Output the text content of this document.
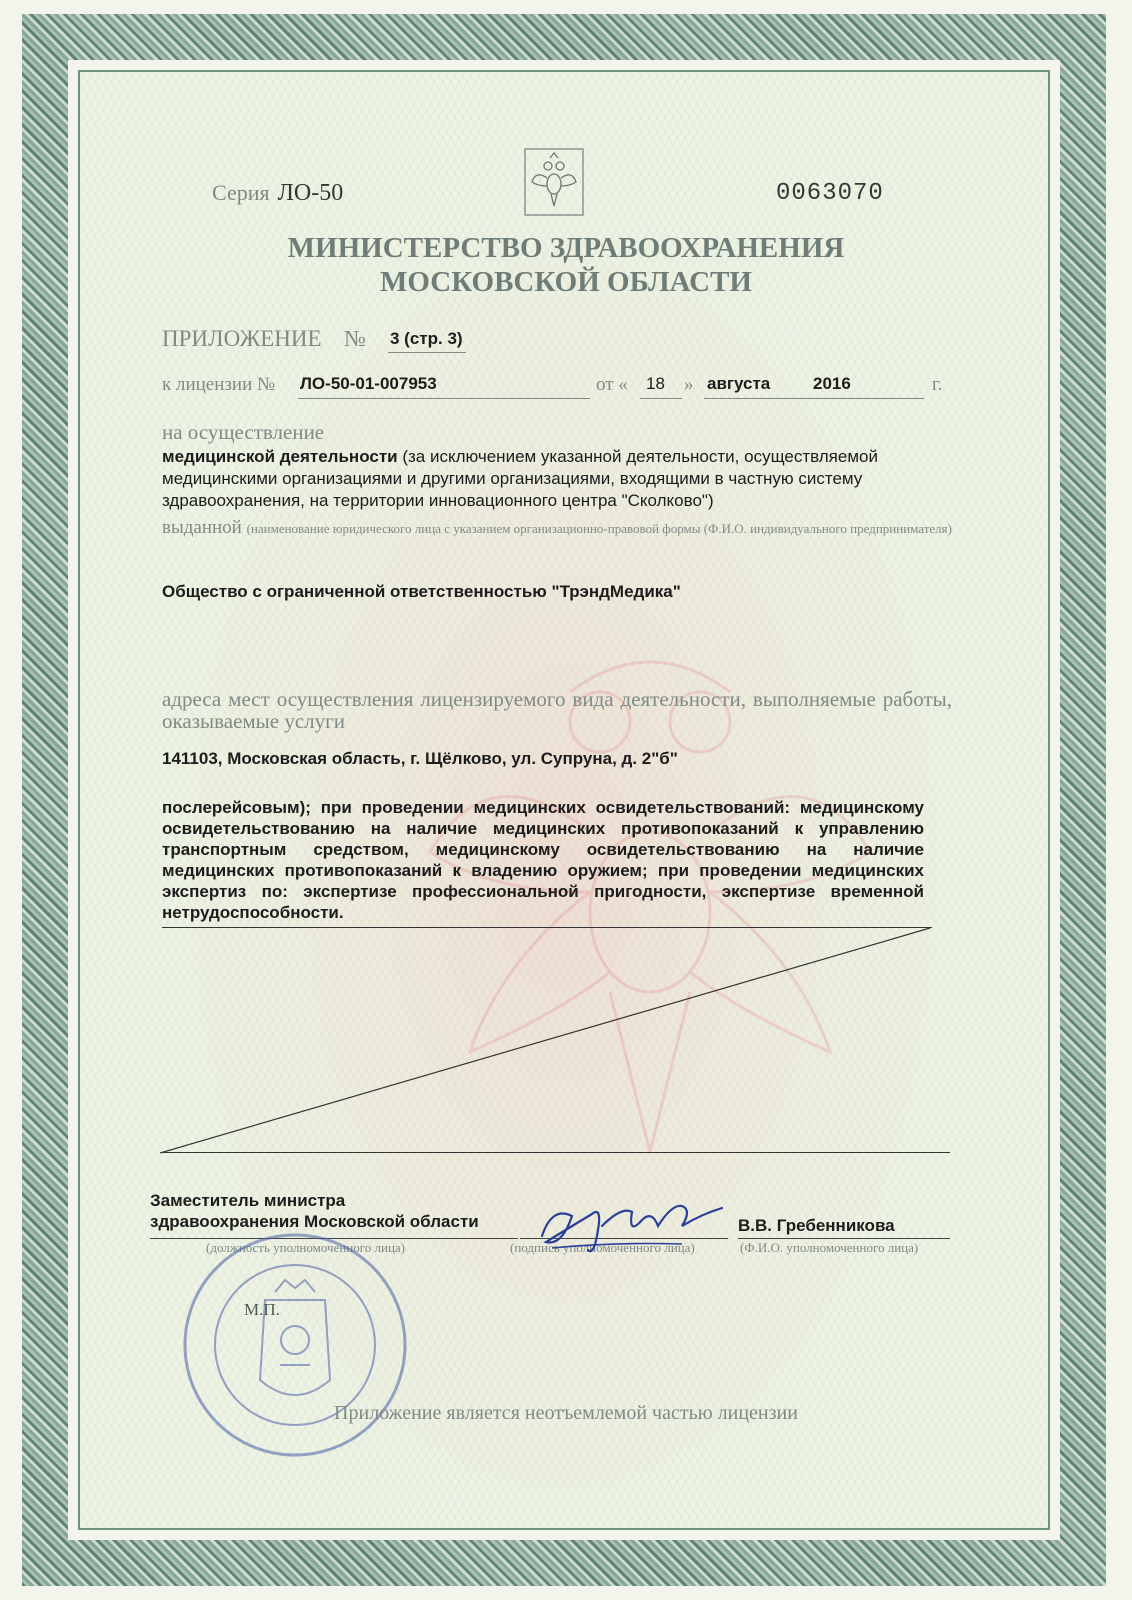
Серия ЛО-50	0063070
МИНИСТЕРСТВО ЗДРАВООХРАНЕНИЯ
МОСКОВСКОЙ ОБЛАСТИ
ПРИЛОЖЕНИЕ № 3 (стр. 3)
к лицензии № ЛО-50-01-007953	от « 18 » августа	2016	г.
на осуществление
медицинской деятельности (за исключением указанной деятельности, осуществляемой медицинскими организациями и другими организациями, входящими в частную систему здравоохранения, на территории инновационного центра "Сколково")
выданной (наименование юридического лица с указанием организационно-правовой формы (Ф.И.О. индивидуального предпринимателя)
Общество с ограниченной ответственностью "ТрэндМедика"
адреса мест осуществления лицензируемого вида деятельности, выполняемые работы, оказываемые услуги
141103, Московская область, г. Щёлково, ул. Супруна, д. 2"б"
послерейсовым); при проведении медицинских освидетельствований: медицинскому освидетельствованию на наличие медицинских противопоказаний к управлению транспортным средством, медицинскому освидетельствованию на наличие медицинских противопоказаний к владению оружием; при проведении медицинских экспертиз по: экспертизе профессиональной пригодности, экспертизе временной нетрудоспособности.
Заместитель министра
здравоохранения Московской области	В.В. Гребенникова
(должность уполномоченного лица)	(подпись уполномоченного лица)	(Ф.И.О. уполномоченного лица)
М.П.
Приложение является неотъемлемой частью лицензии
